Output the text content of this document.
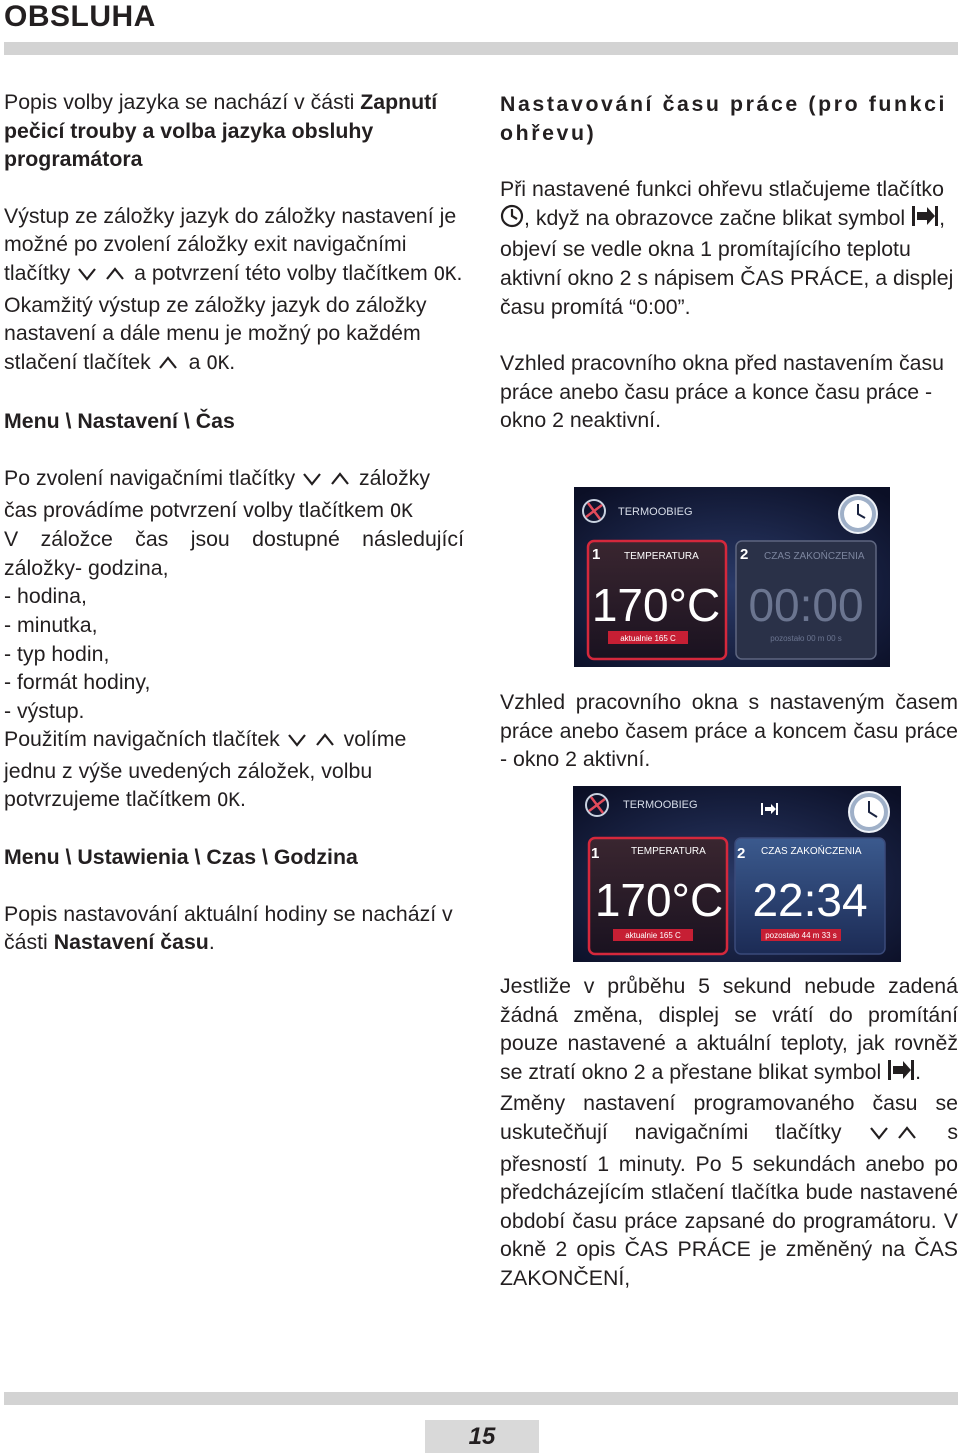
OBSLUHA

Popis volby jazyka se nachází v části Zapnutí pečicí trouby a volba jazyka obsluhy programátora

Výstup ze záložky jazyk do záložky nastavení je možné po zvolení záložky exit navigačními tlačítky  a potvrzení této volby tlačítkem OK.

Okamžitý výstup ze záložky jazyk do záložky nastavení a dále menu je možný po každém stlačení tlačítek  a OK.

Menu \ Nastavení \ Čas

Po zvolení navigačními tlačítky  záložky čas provádíme potvrzení volby tlačítkem OK

V záložce čas jsou dostupné následující záložky- godzina,

- hodina,

- minutka,

- typ hodin,

- formát hodiny,

- výstup.

Použitím navigačních tlačítek  volíme jednu z výše uvedených záložek, volbu potvrzujeme tlačítkem OK.

Menu \ Ustawienia \ Czas \ Godzina

Popis nastavování aktuální hodiny se nachází v části Nastavení času.

Nastavování času práce (pro funkci ohřevu)

Při nastavené funkci ohřevu stlačujeme tlačítko , když na obrazovce začne blikat symbol , objeví se vedle okna 1 promítajícího teplotu aktivní okno 2 s nápisem ČAS PRÁCE, a displej času promítá “0:00”.

Vzhled pracovního okna před nastavením času práce anebo času práce a konce času práce - okno 2 neaktivní.

TERMOOBIEG
1 TEMPERATURA
170°C
aktualnie 165 C
2 CZAS ZAKOŃCZENIA
00:00
pozostało 00 m 00 s

Vzhled pracovního okna s nastaveným časem práce anebo časem práce a koncem času práce - okno 2 aktivní.

TERMOOBIEG
1	TEMPERATURA
170°C
aktualnie 165 C
2 CZAS ZAKOŃCZENIA
22:34
pozostało 44 m 33 s

Jestliže v průběhu 5 sekund nebude zadená žádná změna, displej se vrátí do promítání pouze nastavené a aktuální teploty, jak rovněž se ztratí okno 2 a přestane blikat symbol .

Změny nastavení programovaného času se uskutečňují navigačními tlačítky  s přesností 1 minuty. Po 5 sekundách anebo po předcházejícím stlačení tlačítka bude nastavené období času práce zapsané do programátoru. V okně 2 opis ČAS PRÁCE je změněný na ČAS ZAKONČENÍ,

15
